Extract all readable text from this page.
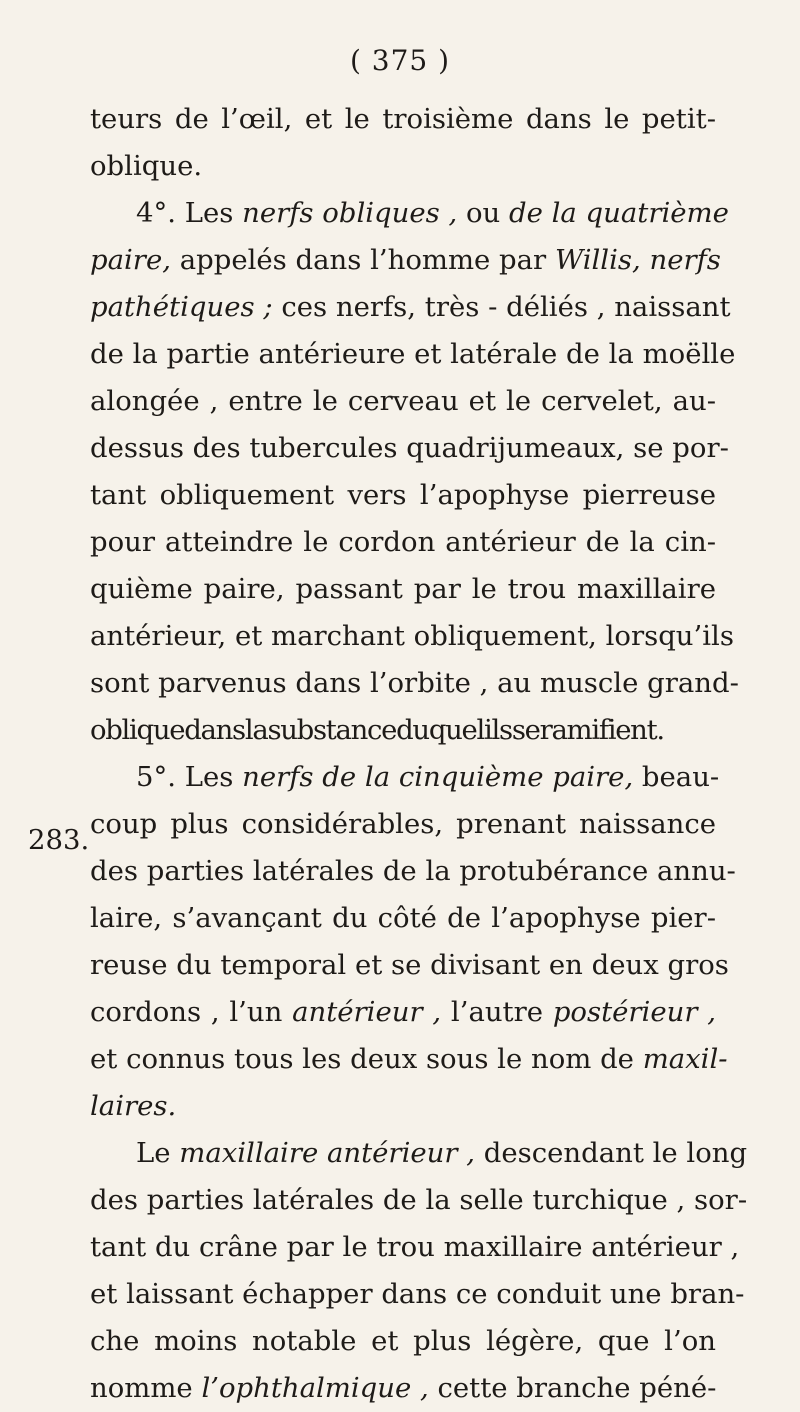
( 375 )
283.
teurs de l’œil, et le troisième dans le petit-
oblique.
4°. Les nerfs obliques , ou de la quatrième
paire, appelés dans l’homme par Willis, nerfs
pathétiques ; ces nerfs, très - déliés , naissant
de la partie antérieure et latérale de la moëlle
alongée , entre le cerveau et le cervelet, au-
dessus des tubercules quadrijumeaux, se por-
tant obliquement vers l’apophyse pierreuse
pour atteindre le cordon antérieur de la cin-
quième paire, passant par le trou maxillaire
antérieur, et marchant obliquement, lorsqu’ils
sont parvenus dans l’orbite , au muscle grand-
obliquedanslasubstanceduquelilsseramifient.
5°. Les nerfs de la cinquième paire, beau-
coup plus considérables, prenant naissance
des parties latérales de la protubérance annu-
laire, s’avançant du côté de l’apophyse pier-
reuse du temporal et se divisant en deux gros
cordons , l’un antérieur , l’autre postérieur ,
et connus tous les deux sous le nom de maxil-
laires.
Le maxillaire antérieur , descendant le long
des parties latérales de la selle turchique , sor-
tant du crâne par le trou maxillaire antérieur ,
et laissant échapper dans ce conduit une bran-
che moins notable et plus légère, que l’on
nomme l’ophthalmique , cette branche péné-
